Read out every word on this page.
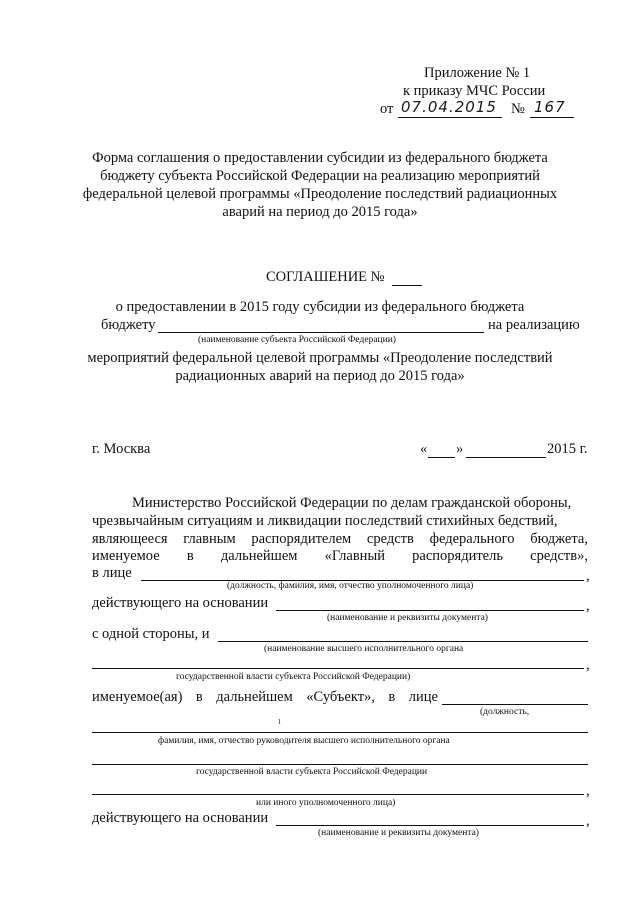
Приложение № 1
к приказу МЧС России
от 07.04.2015 № 167
Форма соглашения о предоставлении субсидии из федерального бюджета
бюджету субъекта Российской Федерации на реализацию мероприятий
федеральной целевой программы «Преодоление последствий радиационных
аварий на период до 2015 года»
СОГЛАШЕНИЕ №
о предоставлении в 2015 году субсидии из федерального бюджета
бюджету	на реализацию
(наименование субъекта Российской Федерации)
мероприятий федеральной целевой программы «Преодоление последствий
радиационных аварий на период до 2015 года»
г. Москва	« »	2015 г.
Министерство Российской Федерации по делам гражданской обороны,
чрезвычайным ситуациям и ликвидации последствий стихийных бедствий,
являющееся главным распорядителем средств федерального бюджета,
именуемое в дальнейшем «Главный распорядитель средств»,
в лице	,
(должность, фамилия, имя, отчество уполномоченного лица)
действующего на основании	,
(наименование и реквизиты документа)
с одной стороны, и
(наименование высшего исполнительного органа
,
государственной власти субъекта Российской Федерации)
именуемое(ая) в дальнейшем «Субъект», в лице
(должность,
ı
фамилия, имя, отчество руководителя высшего исполнительного органа
государственной власти субъекта Российской Федерации
,
или иного уполномоченного лица)
действующего на основании	,
(наименование и реквизиты документа)
